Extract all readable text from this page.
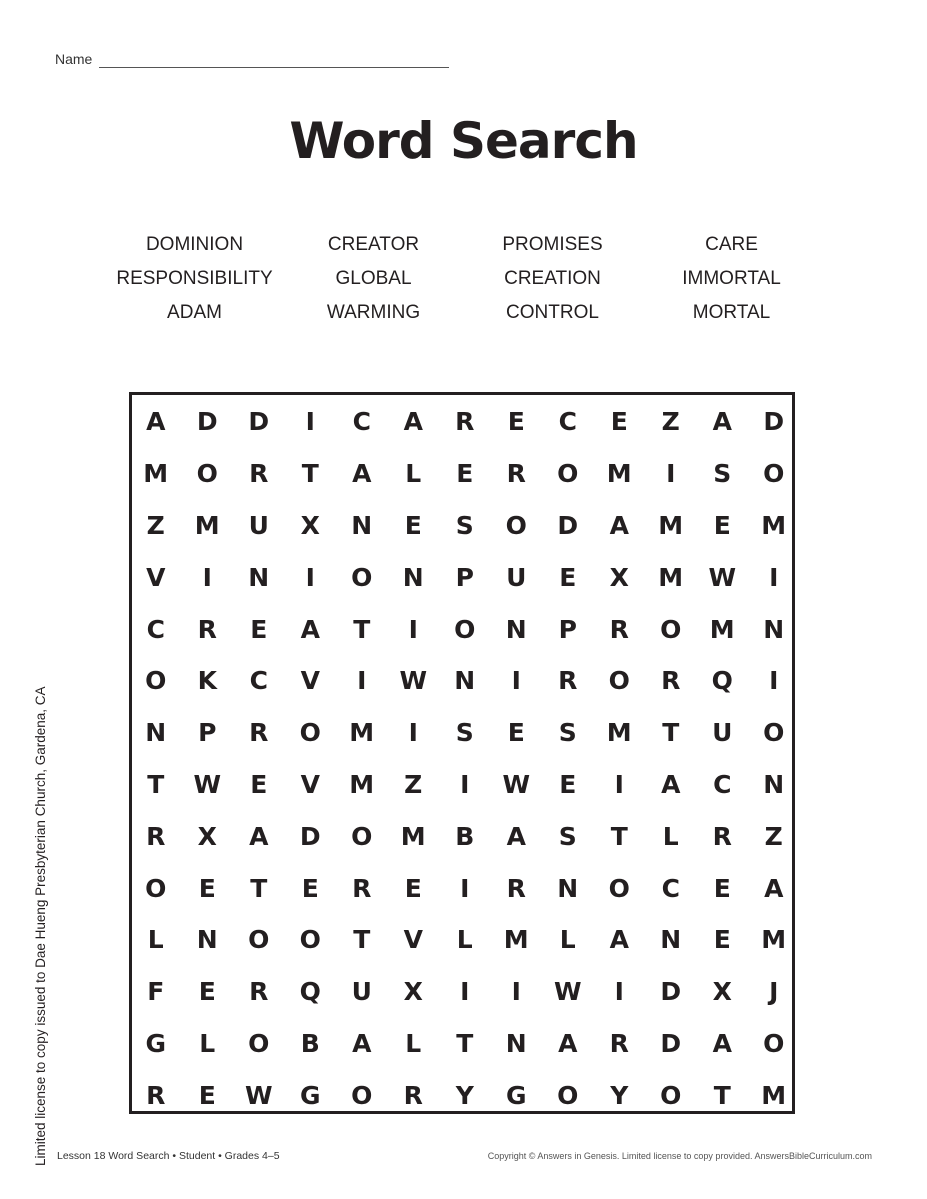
Name
Word Search
DOMINION	CREATOR	PROMISES	CARE
RESPONSIBILITY	GLOBAL	CREATION	IMMORTAL
ADAM	WARMING	CONTROL	MORTAL
A	D	D	I	C	A	R	E	C	E	Z	A	D
M	O	R	T	A	L	E	R	O	M	I	S	O
Z	M	U	X	N	E	S	O	D	A	M	E	M
V	I	N	I	O	N	P	U	E	X	M	W	I
C	R	E	A	T	I	O	N	P	R	O	M	N
O	K	C	V	I	W	N	I	R	O	R	Q	I
N	P	R	O	M	I	S	E	S	M	T	U	O
T	W	E	V	M	Z	I	W	E	I	A	C	N
R	X	A	D	O	M	B	A	S	T	L	R	Z
O	E	T	E	R	E	I	R	N	O	C	E	A
L	N	O	O	T	V	L	M	L	A	N	E	M
F	E	R	Q	U	X	I	I	W	I	D	X	J
G	L	O	B	A	L	T	N	A	R	D	A	O
R	E	W	G	O	R	Y	G	O	Y	O	T	M
Limited license to copy issued to Dae Hueng Presbyterian Church, Gardena, CA Lesson 18 Word Search • Student • Grades 4–5	Copyright © Answers in Genesis. Limited license to copy provided. AnswersBibleCurriculum.com
